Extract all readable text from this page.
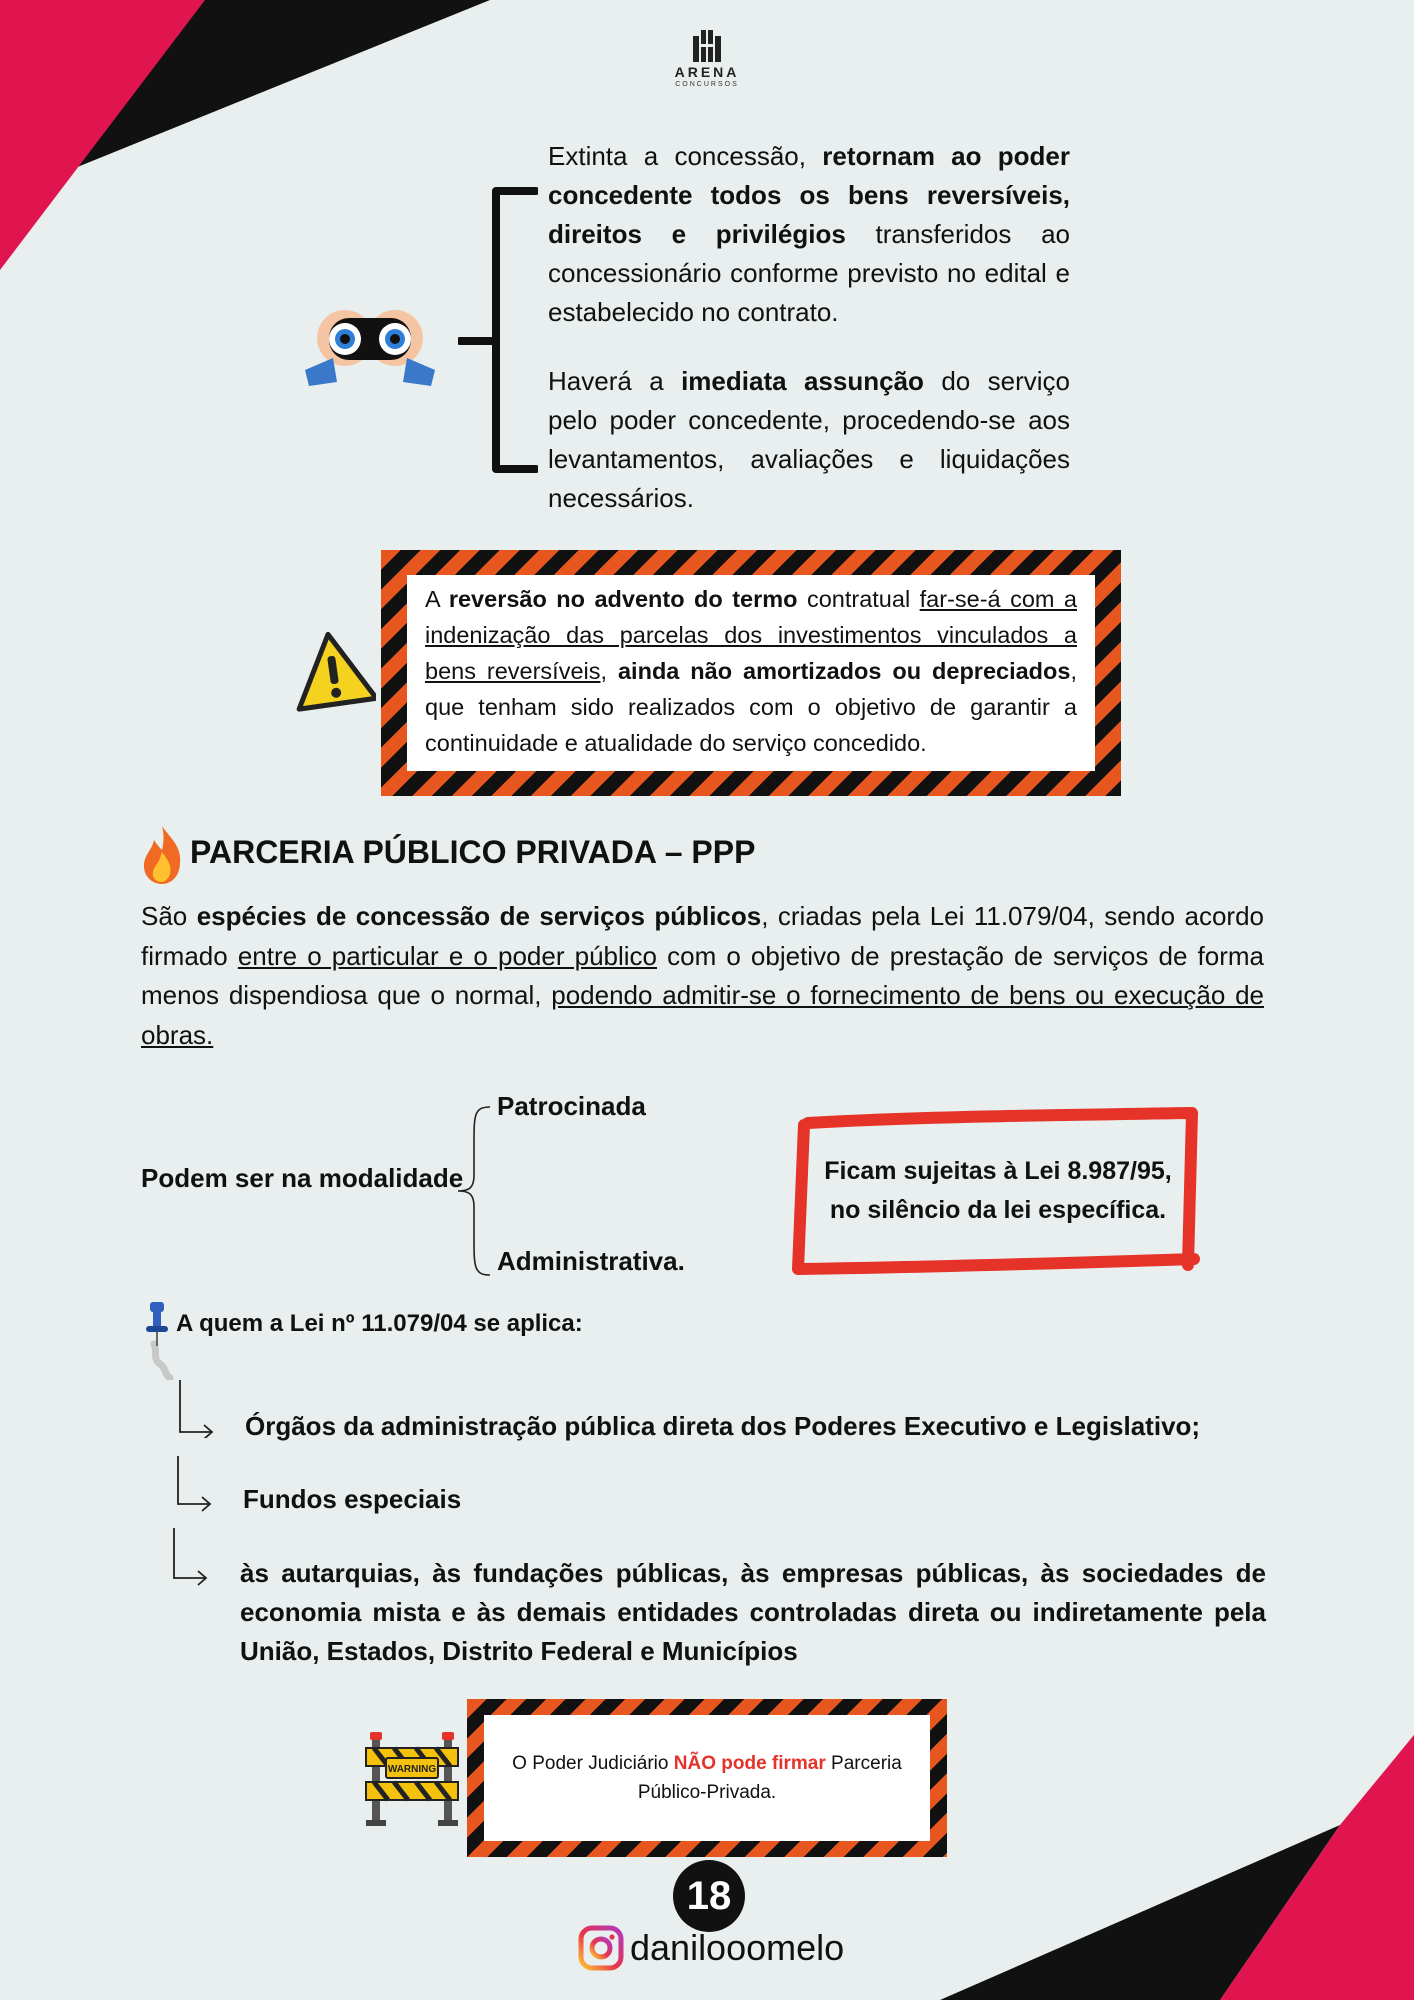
ARENA
CONCURSOS
Extinta a concessão, retornam ao poder concedente todos os bens reversíveis, direitos e privilégios transferidos ao concessionário conforme previsto no edital e estabelecido no contrato.
Haverá a imediata assunção do serviço pelo poder concedente, procedendo-se aos levantamentos, avaliações e liquidações necessários.
A reversão no advento do termo contratual far-se-á com a indenização das parcelas dos investimentos vinculados a bens reversíveis, ainda não amortizados ou depreciados, que tenham sido realizados com o objetivo de garantir a continuidade e atualidade do serviço concedido.
PARCERIA PÚBLICO PRIVADA – PPP
São espécies de concessão de serviços públicos, criadas pela Lei 11.079/04, sendo acordo firmado entre o particular e o poder público com o objetivo de prestação de serviços de forma menos dispendiosa que o normal, podendo admitir-se o fornecimento de bens ou execução de obras.
Podem ser na modalidade
Patrocinada
Administrativa.
Ficam sujeitas à Lei 8.987/95,
no silêncio da lei específica.
A quem a Lei nº 11.079/04 se aplica:
Órgãos da administração pública direta dos Poderes Executivo e Legislativo;
Fundos especiais
às autarquias, às fundações públicas, às empresas públicas, às sociedades de economia mista e às demais entidades controladas direta ou indiretamente pela União, Estados, Distrito Federal e Municípios
WARNING	O Poder Judiciário NÃO pode firmar Parceria Público-Privada.
18
danilooomelo
